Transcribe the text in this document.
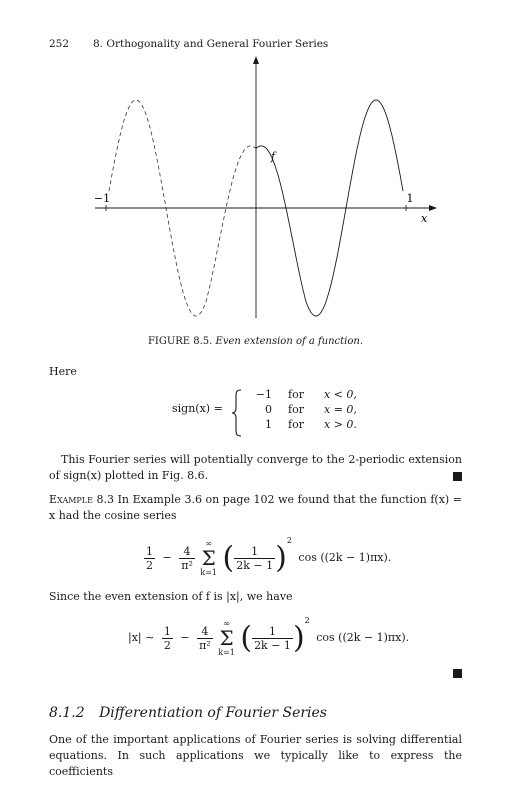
252 8. Orthogonality and General Fourier Series
−1	1
x
f
FIGURE 8.5. Even extension of a function.
Here
sign(x) =
−1 for x < 0,
0 for x = 0,
1 for x > 0.
This Fourier series will potentially converge to the 2-periodic extension of sign(x) plotted in Fig. 8.6.
Example 8.3 In Example 3.6 on page 102 we found that the function f(x) = x had the cosine series
$\frac{1}{2} - \frac{4}{\text{π²}}$

∞
Σ
k=1 ( $\frac{1}{2k - 1} )^2$ cos ((2k − 1)πx).
Since the even extension of f is |x|, we have
|x| ∼ $\frac{1}{2} - \frac{4}{\text{π²}}$

∞
Σ
k=1 ( $\frac{1}{2k - 1} )^2$ cos ((2k − 1)πx).
8.1.2 Differentiation of Fourier Series
One of the important applications of Fourier series is solving differential equations. In such applications we typically like to express the coefficients
